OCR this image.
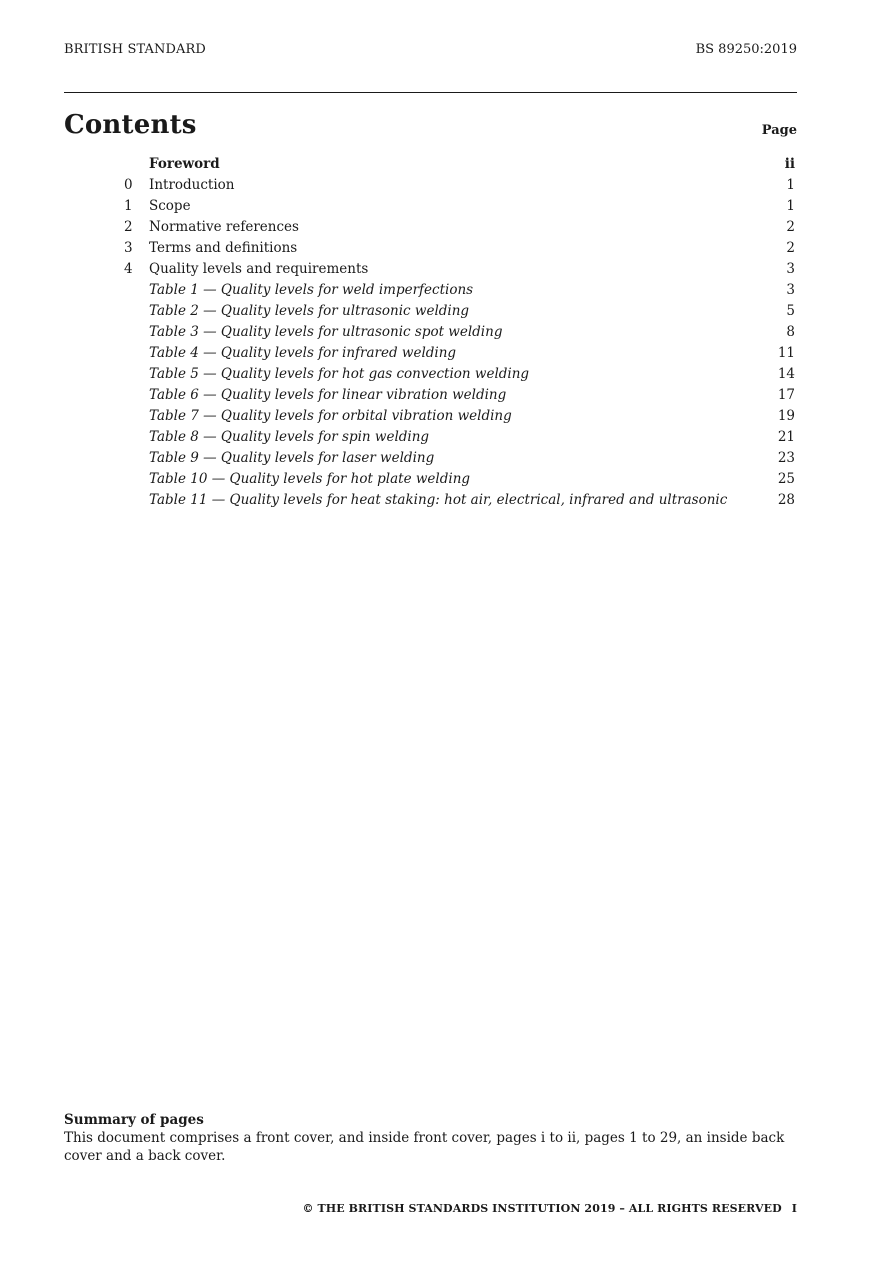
BRITISH STANDARD	BS 89250:2019
Contents	Page
Foreword	ii
0	Introduction	1
1	Scope	1
2	Normative references	2
3	Terms and definitions	2
4	Quality levels and requirements	3
Table 1 — Quality levels for weld imperfections	3
Table 2 — Quality levels for ultrasonic welding	5
Table 3 — Quality levels for ultrasonic spot welding	8
Table 4 — Quality levels for infrared welding	11
Table 5 — Quality levels for hot gas convection welding	14
Table 6 — Quality levels for linear vibration welding	17
Table 7 — Quality levels for orbital vibration welding	19
Table 8 — Quality levels for spin welding	21
Table 9 — Quality levels for laser welding	23
Table 10 — Quality levels for hot plate welding	25
Table 11 — Quality levels for heat staking: hot air, electrical, infrared and ultrasonic	28
Summary of pages
This document comprises a front cover, and inside front cover, pages i to ii, pages 1 to 29, an inside back cover and a back cover.
© THE BRITISH STANDARDS INSTITUTION 2019 – ALL RIGHTS RESERVED I
